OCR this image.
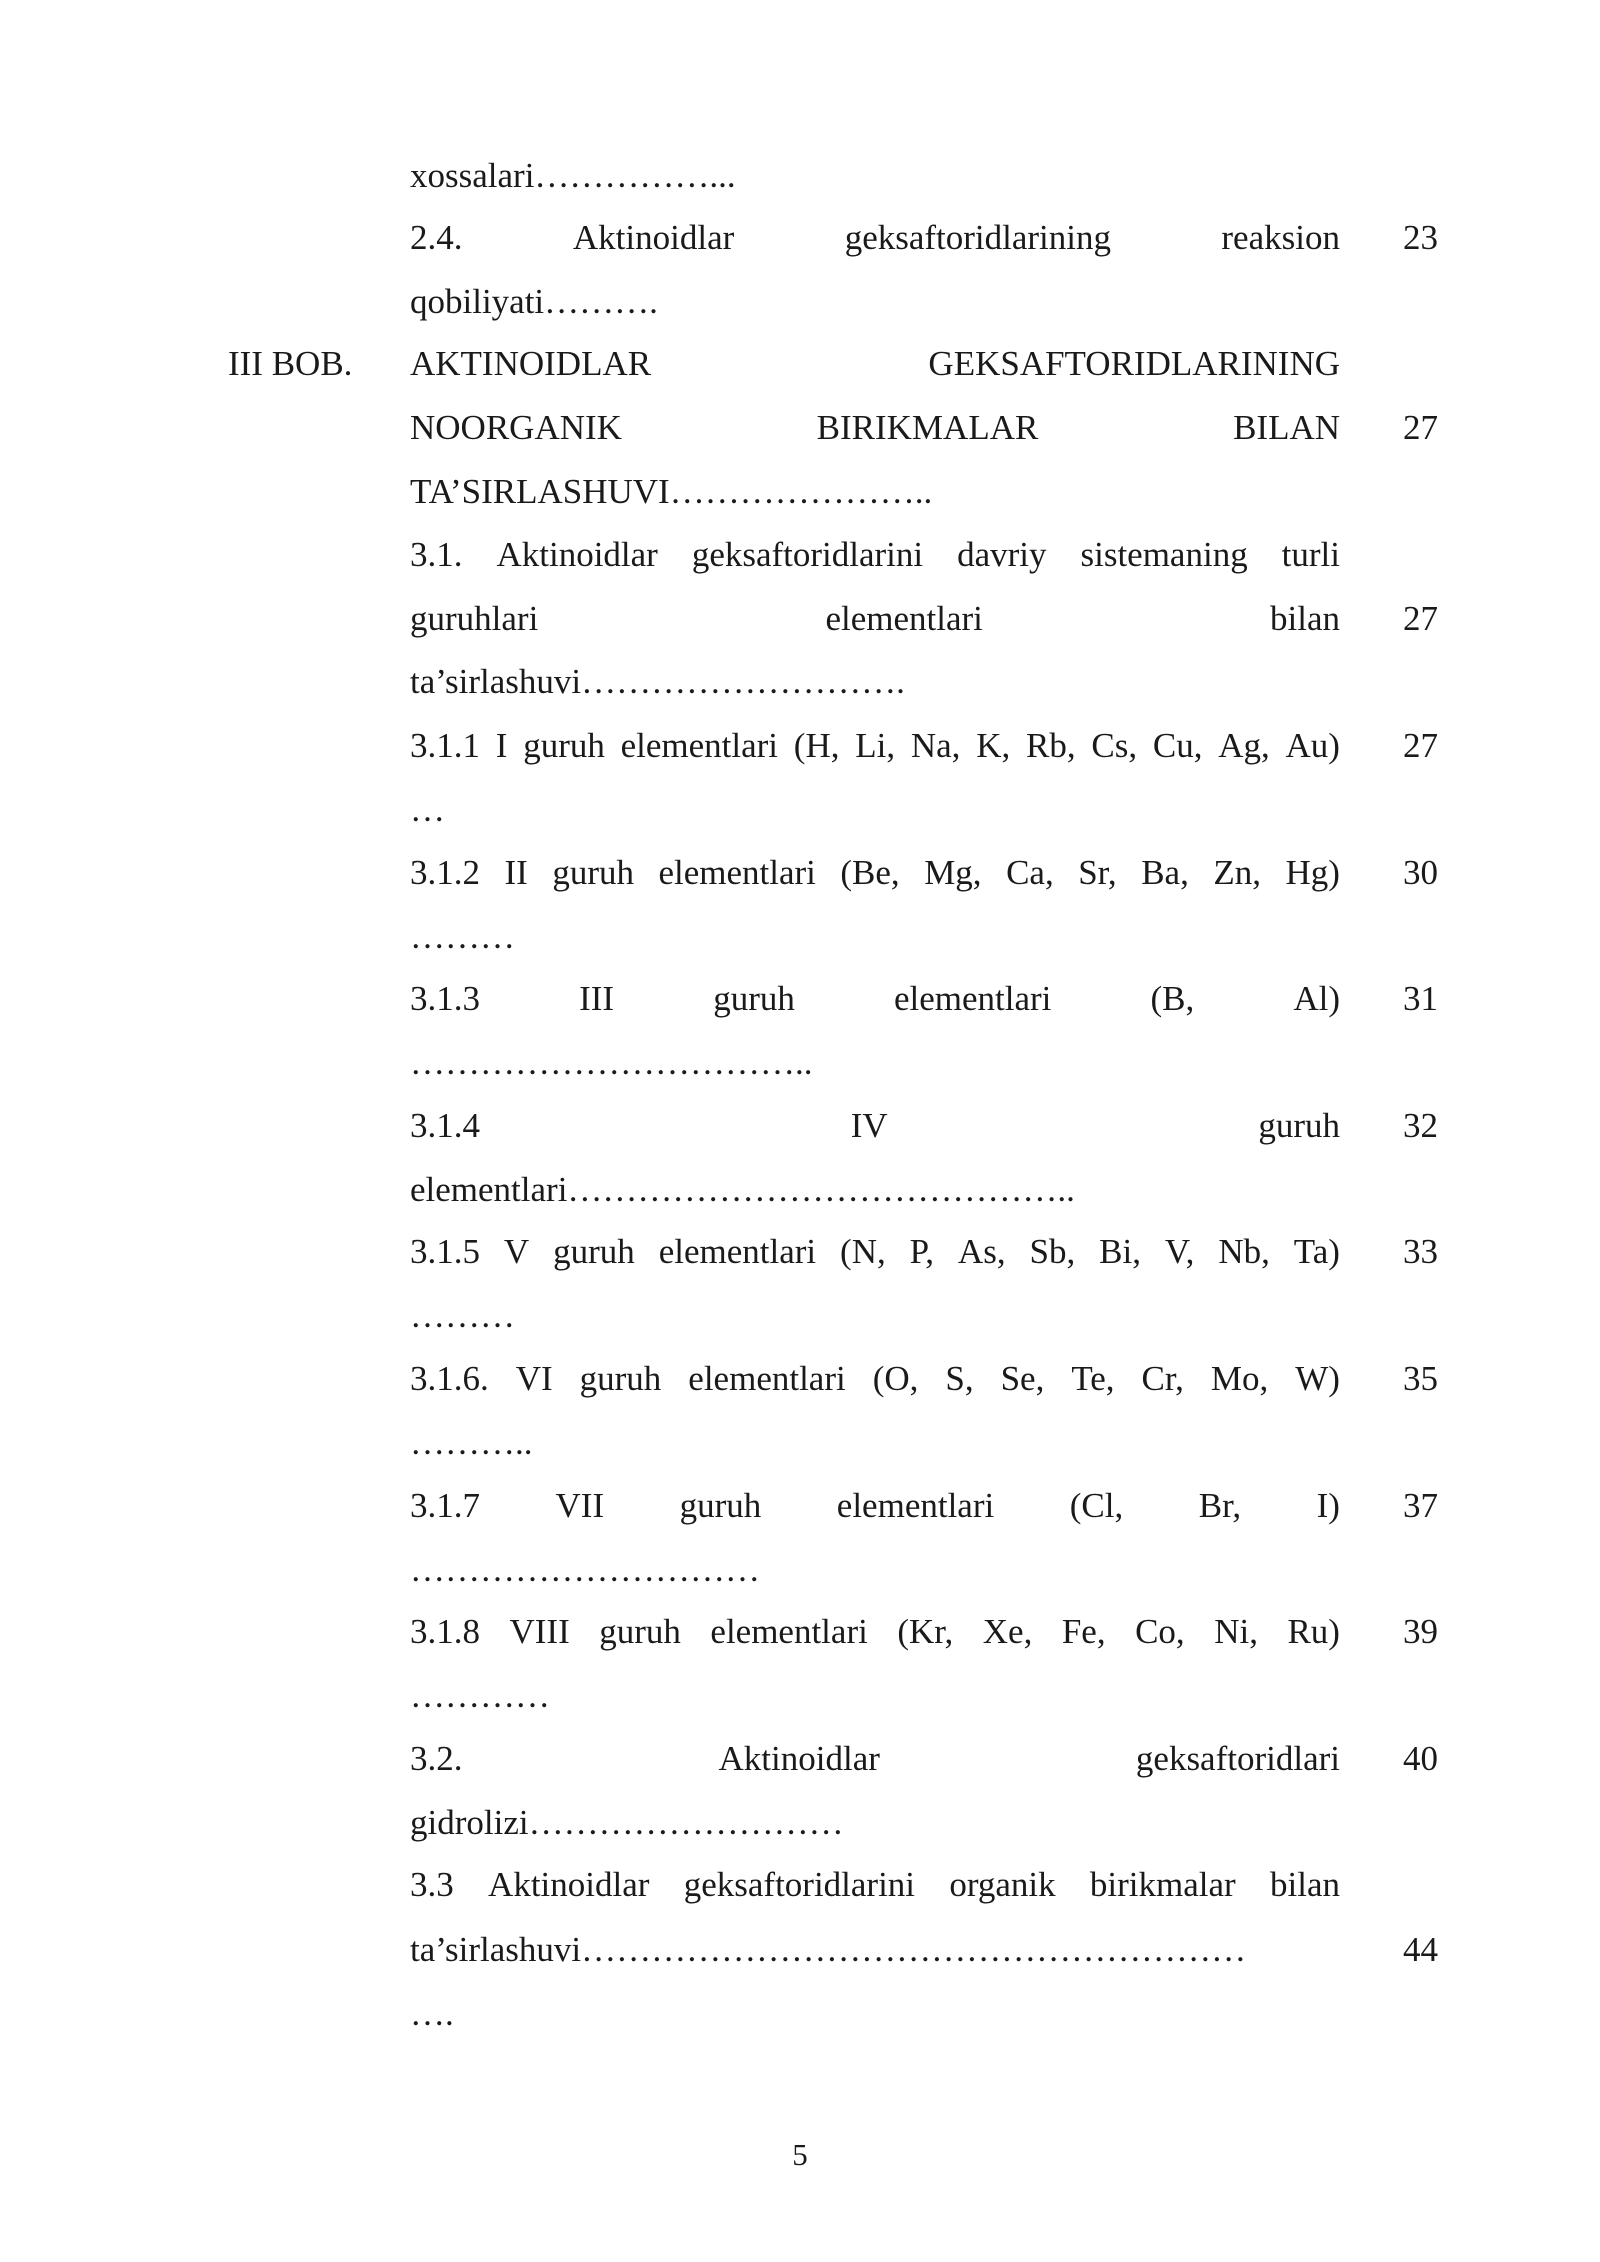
xossalari……………...
2.4.	Aktinoidlar	geksaftoridlarining	reaksion	23
qobiliyati……….
III BOB. AKTINOIDLAR	GEKSAFTORIDLARINING
NOORGANIK	BIRIKMALAR	BILAN	27
TA’SIRLASHUVI…………………..
3.1. Aktinoidlar geksaftoridlarini davriy sistemaning turli
guruhlari	elementlari	bilan	27
ta’sirlashuvi……………………….
3.1.1 I guruh elementlari (H, Li, Na, K, Rb, Cs, Cu, Ag, Au)	27
…
3.1.2 II guruh elementlari (Be, Mg, Ca, Sr, Ba, Zn, Hg)	30
………
3.1.3	III	guruh	elementlari	(B,	Al)	31
……………………………..
3.1.4	IV	guruh	32
elementlari……………………………………..
3.1.5 V guruh elementlari (N, P, As, Sb, Bi, V, Nb, Ta)	33
………
3.1.6. VI guruh elementlari (O, S, Se, Te, Cr, Mo, W)	35
………..
3.1.7 VII guruh elementlari (Cl, Br, I)	37
…………………………
3.1.8 VIII guruh elementlari (Kr, Xe, Fe, Co, Ni, Ru)	39
…………
3.2.	Aktinoidlar	geksaftoridlari	40
gidrolizi………………………
3.3 Aktinoidlar geksaftoridlarini organik birikmalar bilan
ta’sirlashuvi…………………………………………………	44
….
5
